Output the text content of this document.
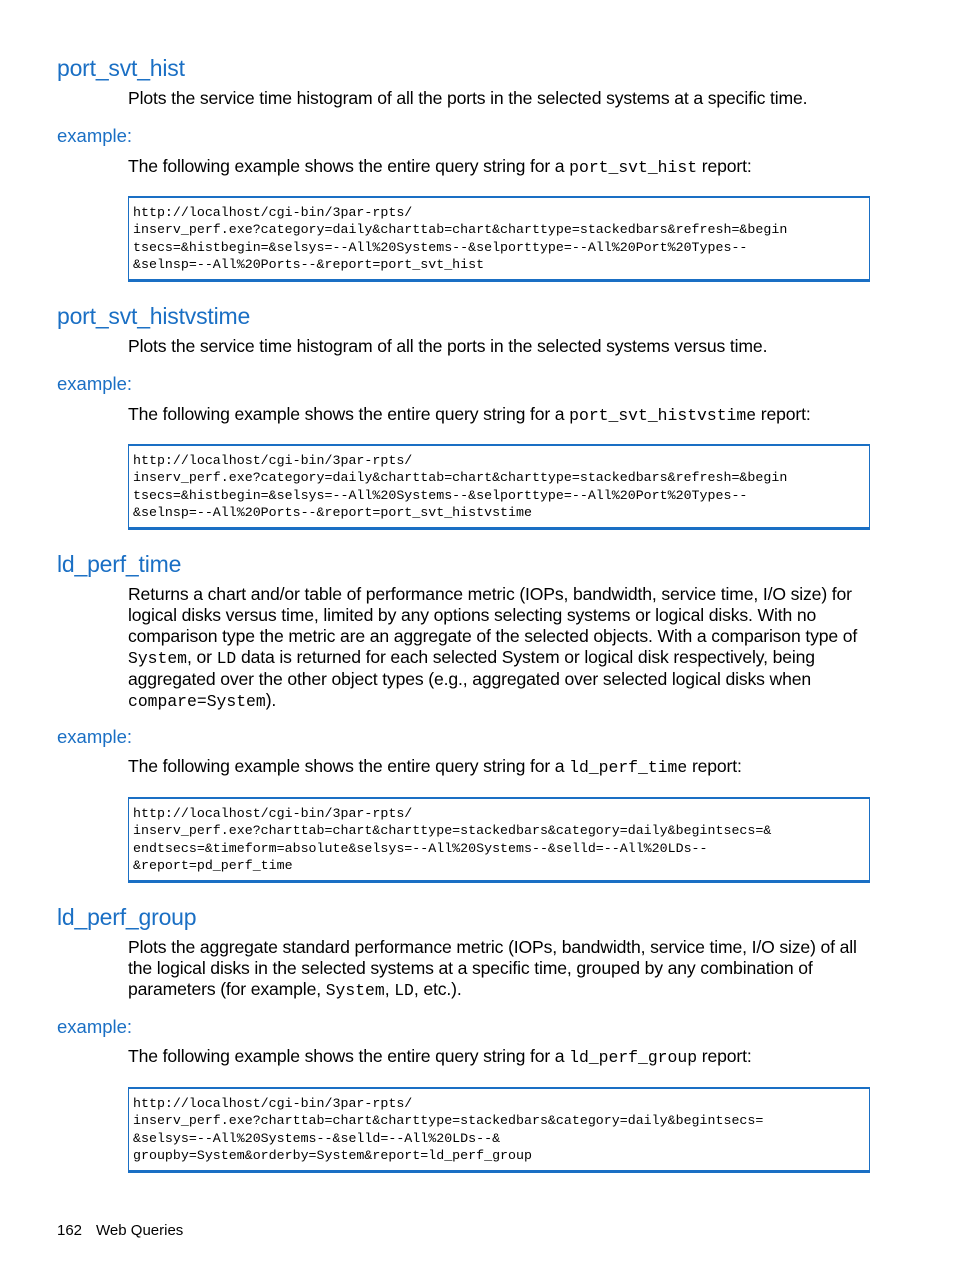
port_svt_hist

Plots the service time histogram of all the ports in the selected systems at a specific time.

example:

The following example shows the entire query string for a port_svt_hist report:

http://localhost/cgi-bin/3par-rpts/
inserv_perf.exe?category=daily&charttab=chart&charttype=stackedbars&refresh=&begin
tsecs=&histbegin=&selsys=--All%20Systems--&selporttype=--All%20Port%20Types--
&selnsp=--All%20Ports--&report=port_svt_hist
port_svt_histvstime

Plots the service time histogram of all the ports in the selected systems versus time.

example:

The following example shows the entire query string for a port_svt_histvstime report:

http://localhost/cgi-bin/3par-rpts/
inserv_perf.exe?category=daily&charttab=chart&charttype=stackedbars&refresh=&begin
tsecs=&histbegin=&selsys=--All%20Systems--&selporttype=--All%20Port%20Types--
&selnsp=--All%20Ports--&report=port_svt_histvstime
ld_perf_time

Returns a chart and/or table of performance metric (IOPs, bandwidth, service time, I/O size) for logical disks versus time, limited by any options selecting systems or logical disks. With no comparison type the metric are an aggregate of the selected objects. With a comparison type of System, or LD data is returned for each selected System or logical disk respectively, being aggregated over the other object types (e.g., aggregated over selected logical disks when compare=System).

example:

The following example shows the entire query string for a ld_perf_time report:

http://localhost/cgi-bin/3par-rpts/
inserv_perf.exe?charttab=chart&charttype=stackedbars&category=daily&begintsecs=&
endtsecs=&timeform=absolute&selsys=--All%20Systems--&selld=--All%20LDs--
&report=pd_perf_time
ld_perf_group

Plots the aggregate standard performance metric (IOPs, bandwidth, service time, I/O size) of all the logical disks in the selected systems at a specific time, grouped by any combination of parameters (for example, System, LD, etc.).

example:

The following example shows the entire query string for a ld_perf_group report:

http://localhost/cgi-bin/3par-rpts/
inserv_perf.exe?charttab=chart&charttype=stackedbars&category=daily&begintsecs=
&selsys=--All%20Systems--&selld=--All%20LDs--&
groupby=System&orderby=System&report=ld_perf_group

162 Web Queries
